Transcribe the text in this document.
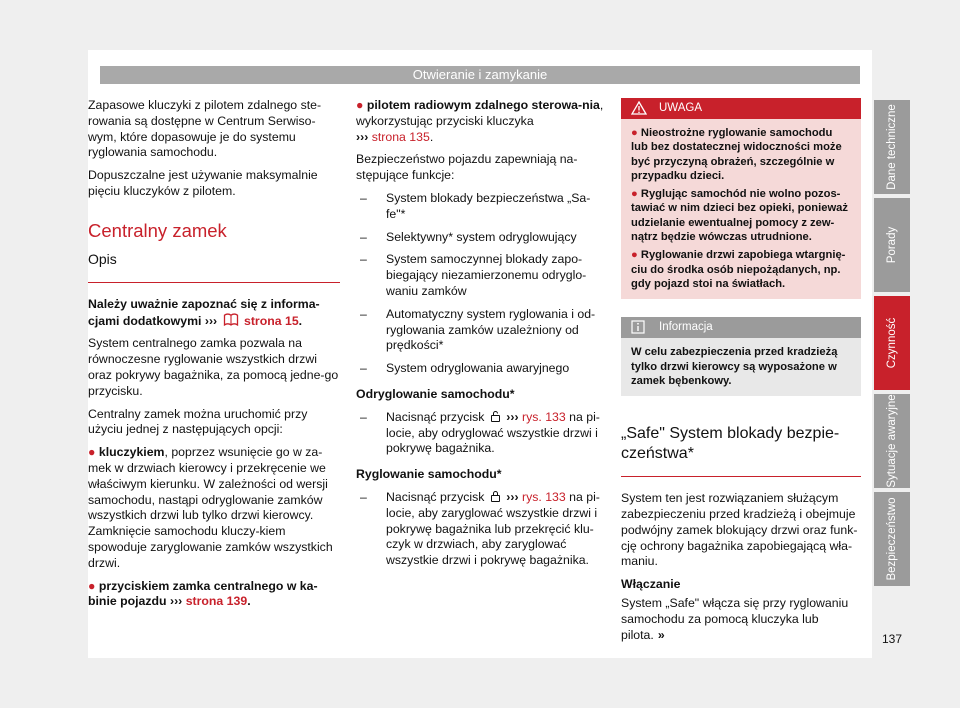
Otwieranie i zamykanie

Zapasowe kluczyki z pilotem zdalnego ste-rowania są dostępne w Centrum Serwiso-wym, które dopasowuje je do systemu ryglowania samochodu.

Dopuszczalne jest używanie maksymalnie pięciu kluczyków z pilotem.

Centralny zamek
Opis

Należy uważnie zapoznać się z informa-cjami dodatkowymi ››› strona 15.

System centralnego zamka pozwala na równoczesne ryglowanie wszystkich drzwi oraz pokrywy bagażnika, za pomocą jedne-go przycisku.

Centralny zamek można uruchomić przy użyciu jednej z następujących opcji:

● kluczykiem, poprzez wsunięcie go w za-mek w drzwiach kierowcy i przekręcenie we właściwym kierunku. W zależności od wersji samochodu, nastąpi odryglowanie zamków wszystkich drzwi lub tylko drzwi kierowcy. Zamknięcie samochodu kluczy-kiem spowoduje zaryglowanie zamków wszystkich drzwi.

● przyciskiem zamka centralnego w ka-binie pojazdu ››› strona 139.

● pilotem radiowym zdalnego sterowa-nia, wykorzystując przyciski kluczyka
››› strona 135.

Bezpieczeństwo pojazdu zapewniają na-stępujące funkcje:

– System blokady bezpieczeństwa „Sa-fe"*
– Selektywny* system odryglowujący
– System samoczynnej blokady zapo-biegający niezamierzonemu odryglo-waniu zamków
– Automatyczny system ryglowania i od-ryglowania zamków uzależniony od prędkości*
– System odryglowania awaryjnego

Odryglowanie samochodu*

– Nacisnąć przycisk ››› rys. 133 na pi-locie, aby odryglować wszystkie drzwi i pokrywę bagażnika.

Ryglowanie samochodu*

– Nacisnąć przycisk ››› rys. 133 na pi-locie, aby zaryglować wszystkie drzwi i pokrywę bagażnika lub przekręcić klu-czyk w drzwiach, aby zaryglować wszystkie drzwi i pokrywę bagażnika.
UWAGA

● Nieostrożne ryglowanie samochodu lub bez dostatecznej widoczności może być przyczyną obrażeń, szczególnie w przypadku dzieci.

● Ryglując samochód nie wolno pozos-tawiać w nim dzieci bez opieki, ponieważ udzielanie ewentualnej pomocy z zew-nątrz będzie wówczas utrudnione.

● Ryglowanie drzwi zapobiega wtargnię-ciu do środka osób niepożądanych, np. gdy pojazd stoi na światłach.

Informacja
W celu zabezpieczenia przed kradzieżą tylko drzwi kierowcy są wyposażone w zamek bębenkowy.
„Safe" System blokady bezpie-czeństwa*

System ten jest rozwiązaniem służącym zabezpieczeniu przed kradzieżą i obejmuje podwójny zamek blokujący drzwi oraz funk-cję ochrony bagażnika zapobiegającą wła-maniu.

Włączanie

System „Safe" włącza się przy ryglowaniu samochodu za pomocą kluczyka lub pilota. »

Dane techniczne
Porady
Czynność
Sytuacje awaryjne
Bezpieczeństwo
137
